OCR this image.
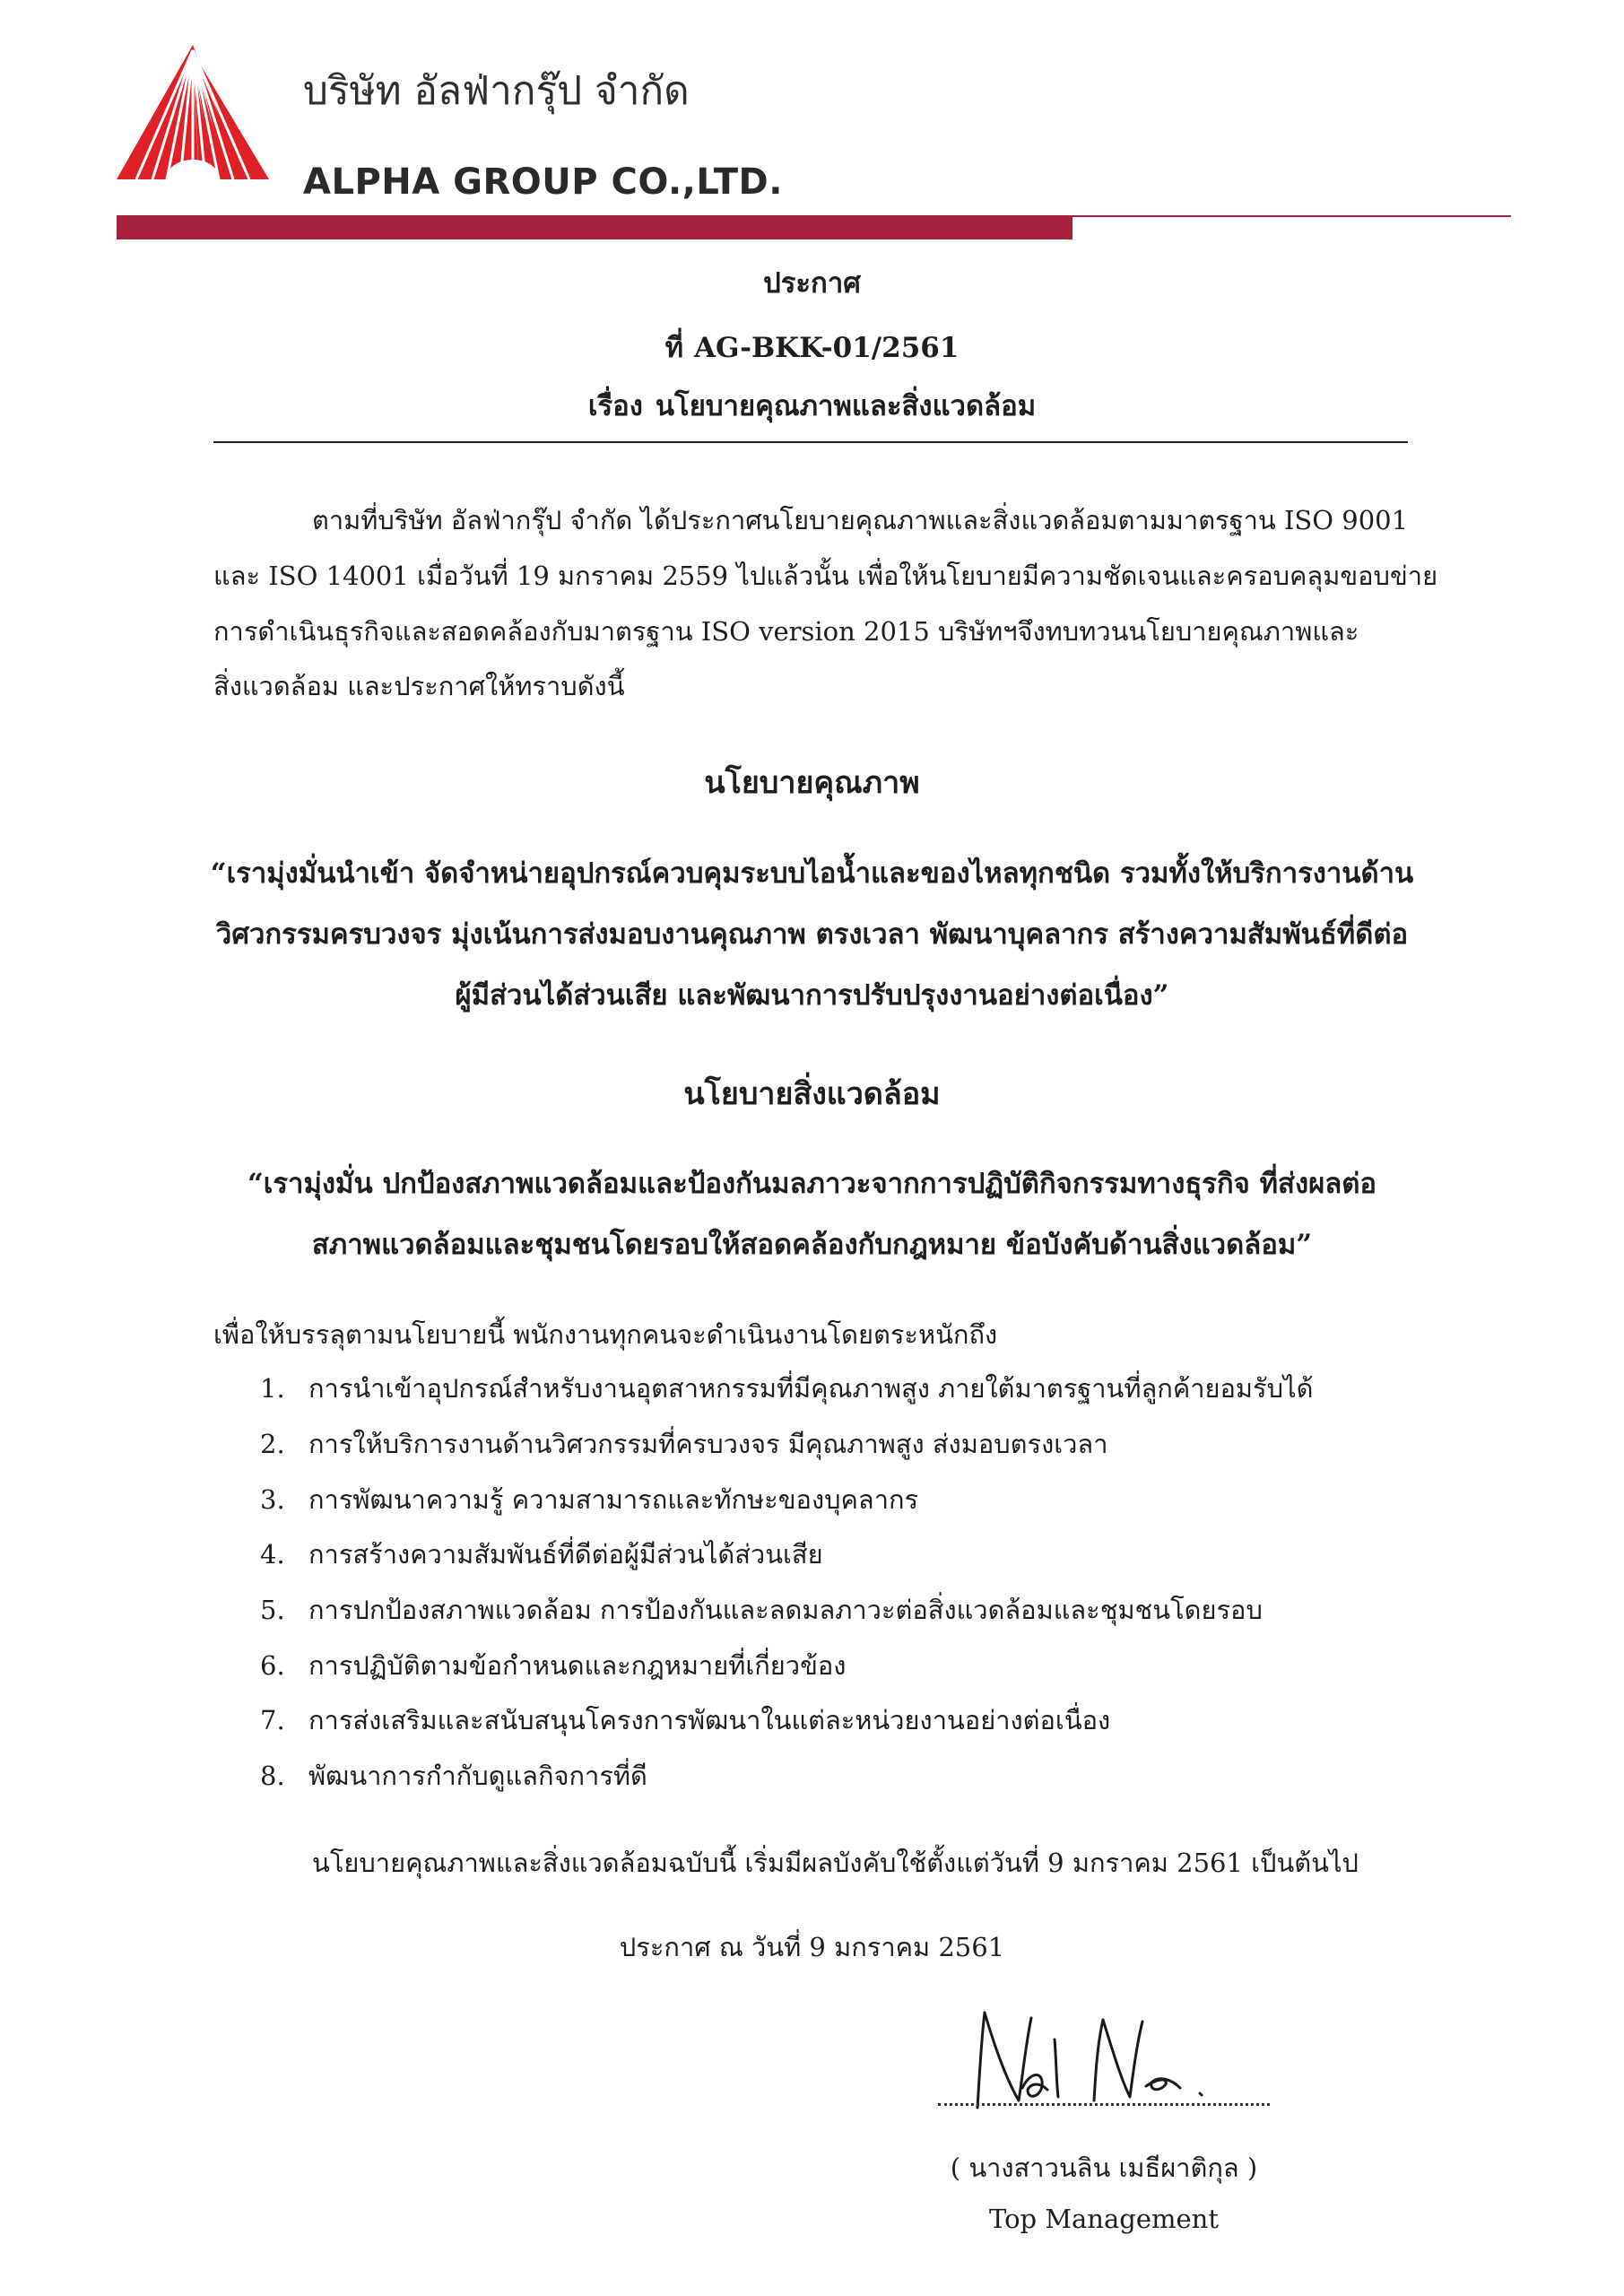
บริษัท อัลฟ่ากรุ๊ป จำกัด
ALPHA GROUP CO.,LTD.
ประกาศ
ที่ AG-BKK-01/2561
เรื่อง นโยบายคุณภาพและสิ่งแวดล้อม
ตามที่บริษัท อัลฟ่ากรุ๊ป จำกัด ได้ประกาศนโยบายคุณภาพและสิ่งแวดล้อมตามมาตรฐาน ISO 9001
และ ISO 14001 เมื่อวันที่ 19 มกราคม 2559 ไปแล้วนั้น เพื่อให้นโยบายมีความชัดเจนและครอบคลุมขอบข่าย
การดำเนินธุรกิจและสอดคล้องกับมาตรฐาน ISO version 2015 บริษัทฯจึงทบทวนนโยบายคุณภาพและ
สิ่งแวดล้อม และประกาศให้ทราบดังนี้
นโยบายคุณภาพ
“เรามุ่งมั่นนำเข้า จัดจำหน่ายอุปกรณ์ควบคุมระบบไอน้ำและของไหลทุกชนิด รวมทั้งให้บริการงานด้าน
วิศวกรรมครบวงจร มุ่งเน้นการส่งมอบงานคุณภาพ ตรงเวลา พัฒนาบุคลากร สร้างความสัมพันธ์ที่ดีต่อ
ผู้มีส่วนได้ส่วนเสีย และพัฒนาการปรับปรุงงานอย่างต่อเนื่อง”
นโยบายสิ่งแวดล้อม
“เรามุ่งมั่น ปกป้องสภาพแวดล้อมและป้องกันมลภาวะจากการปฏิบัติกิจกรรมทางธุรกิจ ที่ส่งผลต่อ
สภาพแวดล้อมและชุมชนโดยรอบให้สอดคล้องกับกฎหมาย ข้อบังคับด้านสิ่งแวดล้อม”
เพื่อให้บรรลุตามนโยบายนี้ พนักงานทุกคนจะดำเนินงานโดยตระหนักถึง
1. การนำเข้าอุปกรณ์สำหรับงานอุตสาหกรรมที่มีคุณภาพสูง ภายใต้มาตรฐานที่ลูกค้ายอมรับได้
2. การให้บริการงานด้านวิศวกรรมที่ครบวงจร มีคุณภาพสูง ส่งมอบตรงเวลา
3. การพัฒนาความรู้ ความสามารถและทักษะของบุคลากร
4. การสร้างความสัมพันธ์ที่ดีต่อผู้มีส่วนได้ส่วนเสีย
5. การปกป้องสภาพแวดล้อม การป้องกันและลดมลภาวะต่อสิ่งแวดล้อมและชุมชนโดยรอบ
6. การปฏิบัติตามข้อกำหนดและกฎหมายที่เกี่ยวข้อง
7. การส่งเสริมและสนับสนุนโครงการพัฒนาในแต่ละหน่วยงานอย่างต่อเนื่อง
8. พัฒนาการกำกับดูแลกิจการที่ดี
นโยบายคุณภาพและสิ่งแวดล้อมฉบับนี้ เริ่มมีผลบังคับใช้ตั้งแต่วันที่ 9 มกราคม 2561 เป็นต้นไป
ประกาศ ณ วันที่ 9 มกราคม 2561
( นางสาวนลิน เมธีผาติกุล )
Top Management
